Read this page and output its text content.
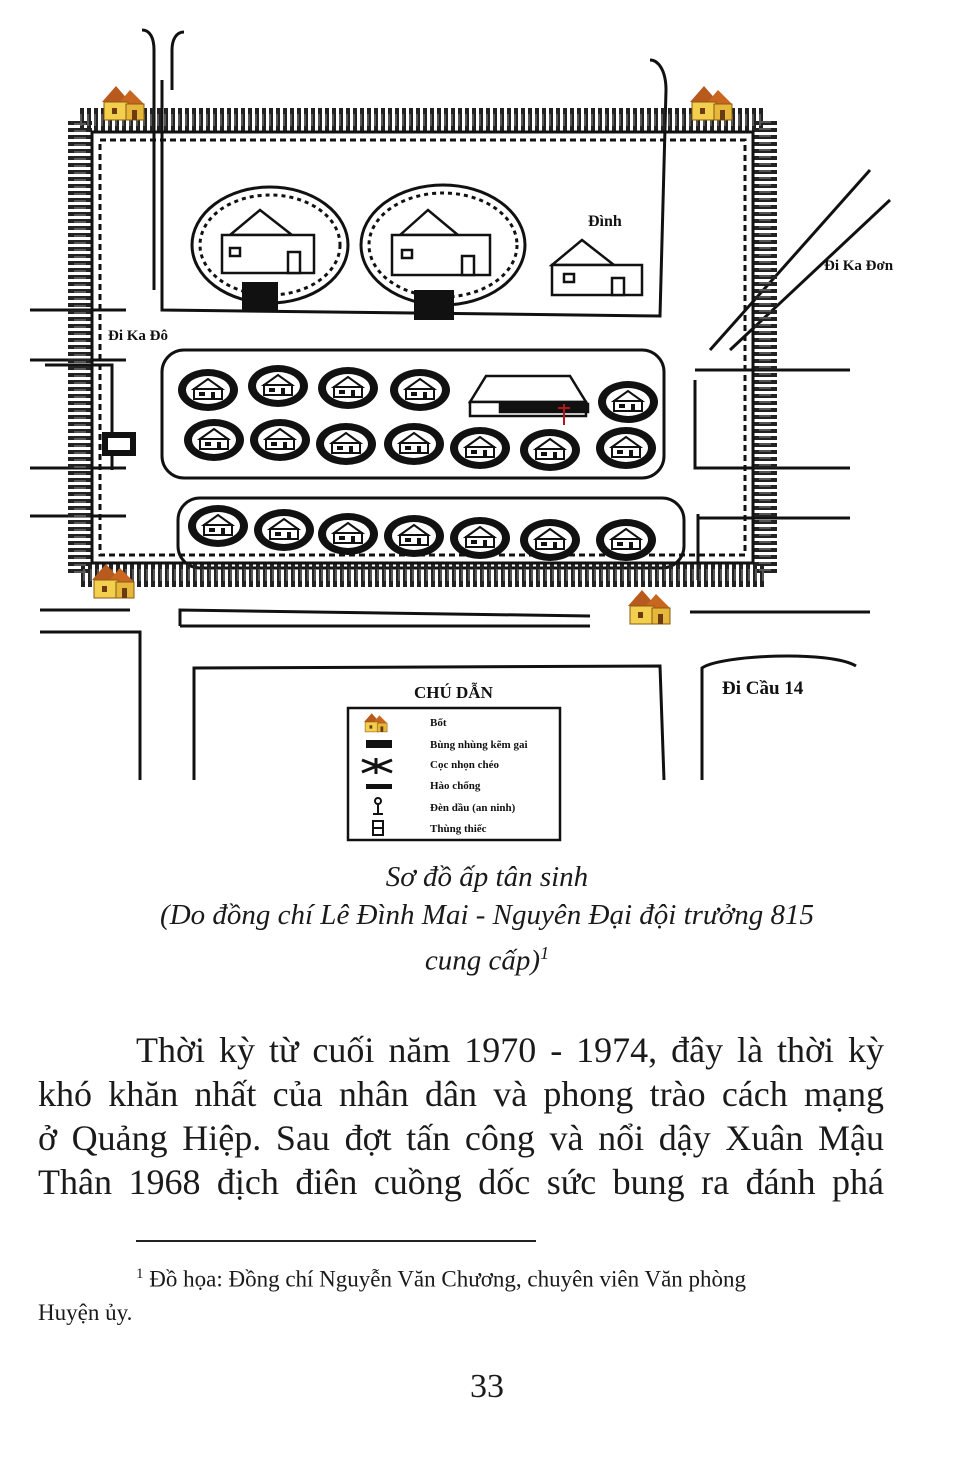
Đình
Đi Ka Đơn
Đi Ka Đô
Đi Cầu 14
CHÚ DẪN
Bốt
Bùng nhùng kẽm gai
Cọc nhọn chéo
Hào chống
Đèn dầu (an ninh)
Thùng thiếc
Sơ đồ ấp tân sinh
(Do đồng chí Lê Đình Mai - Nguyên Đại đội trưởng 815
cung cấp)$^1$
Thời kỳ từ cuối năm 1970 - 1974, đây là thời kỳ
khó khăn nhất của nhân dân và phong trào cách mạng
ở Quảng Hiệp. Sau đợt tấn công và nổi dậy Xuân Mậu
Thân 1968 địch điên cuồng dốc sức bung ra đánh phá
$^1$ Đồ họa: Đồng chí Nguyễn Văn Chương, chuyên viên Văn phòng
Huyện ủy.
33
